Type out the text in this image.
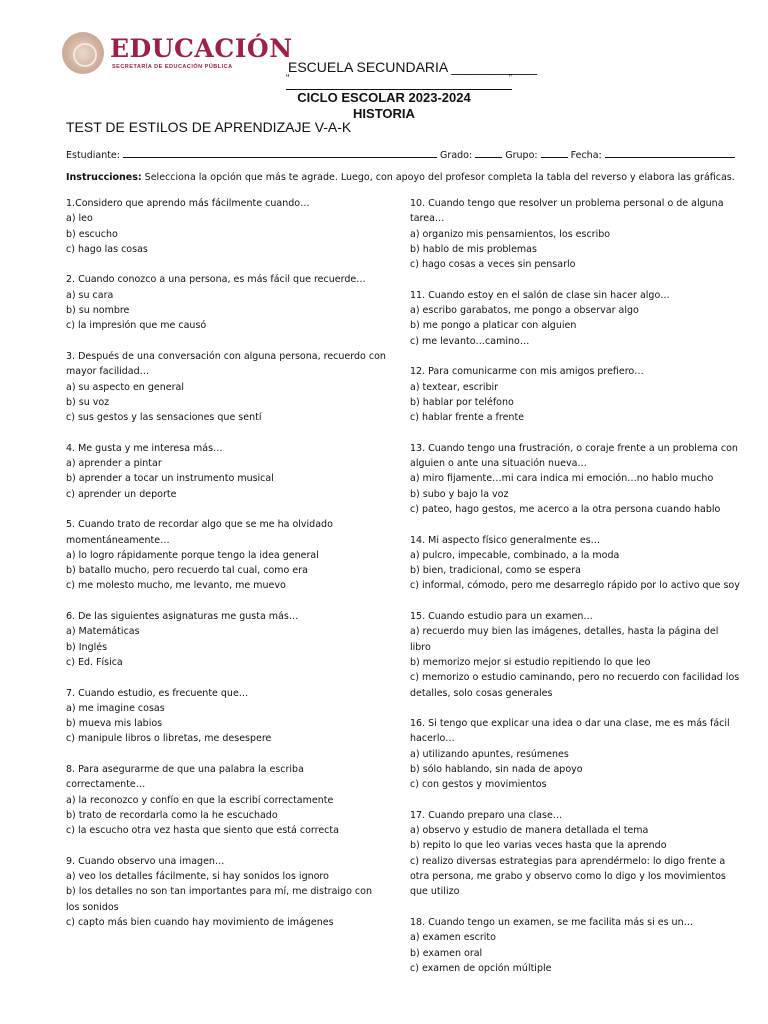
EDUCACIÓN
SECRETARÍA DE EDUCACIÓN PÚBLICA	ESCUELA SECUNDARIA ___________
“	”
CICLO ESCOLAR 2023-2024
HISTORIA
TEST DE ESTILOS DE APRENDIZAJE V-A-K
Estudiante:	Grado:	Grupo:	Fecha:
Instrucciones: Selecciona la opción que más te agrade. Luego, con apoyo del profesor completa la tabla del reverso y elabora las gráficas.
1.Considero que aprendo más fácilmente cuando…
a) leo
b) escucho
c) hago las cosas
2. Cuando conozco a una persona, es más fácil que recuerde…
a) su cara
b) su nombre
c) la impresión que me causó
3. Después de una conversación con alguna persona, recuerdo con mayor facilidad…
a) su aspecto en general
b) su voz
c) sus gestos y las sensaciones que sentí
4. Me gusta y me interesa más…
a) aprender a pintar
b) aprender a tocar un instrumento musical
c) aprender un deporte
5. Cuando trato de recordar algo que se me ha olvidado momentáneamente…
a) lo logro rápidamente porque tengo la idea general
b) batallo mucho, pero recuerdo tal cual, como era
c) me molesto mucho, me levanto, me muevo
6. De las siguientes asignaturas me gusta más…
a) Matemáticas
b) Inglés
c) Ed. Física
7. Cuando estudio, es frecuente que…
a) me imagine cosas
b) mueva mis labios
c) manipule libros o libretas, me desespere
8. Para asegurarme de que una palabra la escriba correctamente…
a) la reconozco y confío en que la escribí correctamente
b) trato de recordarla como la he escuchado
c) la escucho otra vez hasta que siento que está correcta
9. Cuando observo una imagen…
a) veo los detalles fácilmente, si hay sonidos los ignoro
b) los detalles no son tan importantes para mí, me distraigo con los sonidos
c) capto más bien cuando hay movimiento de imágenes
10. Cuando tengo que resolver un problema personal o de alguna tarea…
a) organizo mis pensamientos, los escribo
b) hablo de mis problemas
c) hago cosas a veces sin pensarlo
11. Cuando estoy en el salón de clase sin hacer algo…
a) escribo garabatos, me pongo a observar algo
b) me pongo a platicar con alguien
c) me levanto…camino…
12. Para comunicarme con mis amigos prefiero…
a) textear, escribir
b) hablar por teléfono
c) hablar frente a frente
13. Cuando tengo una frustración, o coraje frente a un problema con alguien o ante una situación nueva…
a) miro fijamente…mi cara indica mi emoción…no hablo mucho
b) subo y bajo la voz
c) pateo, hago gestos, me acerco a la otra persona cuando hablo
14. Mi aspecto físico generalmente es…
a) pulcro, impecable, combinado, a la moda
b) bien, tradicional, como se espera
c) informal, cómodo, pero me desarreglo rápido por lo activo que soy
15. Cuando estudio para un examen…
a) recuerdo muy bien las imágenes, detalles, hasta la página del libro
b) memorizo mejor si estudio repitiendo lo que leo
c) memorizo o estudio caminando, pero no recuerdo con facilidad los detalles, solo cosas generales
16. Si tengo que explicar una idea o dar una clase, me es más fácil hacerlo…
a) utilizando apuntes, resúmenes
b) sólo hablando, sin nada de apoyo
c) con gestos y movimientos
17. Cuando preparo una clase…
a) observo y estudio de manera detallada el tema
b) repito lo que leo varias veces hasta que la aprendo
c) realizo diversas estrategias para aprendérmelo: lo digo frente a otra persona, me grabo y observo como lo digo y los movimientos que utilizo
18. Cuando tengo un examen, se me facilita más si es un…
a) examen escrito
b) examen oral
c) examen de opción múltiple
